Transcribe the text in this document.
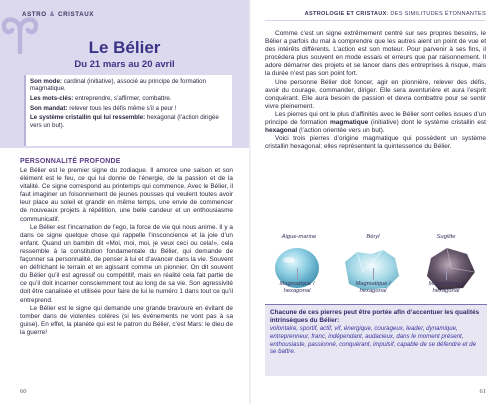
ASTRO & CRISTAUX
Le Bélier
Du 21 mars au 20 avril

Son mode: cardinal (initiative), associé au principe de formation magmatique.

Les mots-clés: entreprendre, s’affirmer, combattre.

Son mandat: relever tous les défis même s’il a peur !

Le système cristallin qui lui ressemble: hexagonal (l’action dirigée vers un but).

PERSONNALITÉ PROFONDE

Le Bélier est le premier signe du zodiaque. Il amorce une saison et son élément est le feu, ce qui lui donne de l’énergie, de la passion et de la vitalité. Ce signe correspond au printemps qui commence. Avec le Bélier, il faut imaginer un foisonnement de jeunes pousses qui veulent toutes avoir leur place au soleil et grandir en même temps, une envie de commencer de nouveaux projets à répétition, une belle candeur et un enthousiasme communicatif.

Le Bélier est l’incarnation de l’ego, la force de vie qui nous anime. Il y a dans ce signe quelque chose qui rappelle l’insconcience et la joie d’un enfant. Quand un bambin dit «Moi, moi, moi, je veux ceci ou cela!», cela ressemble à la constitution fondamentale du Bélier, qui demande de façonner sa personnalité, de penser à lui et d’avancer dans la vie. Souvent en défrichant le terrain et en agissant comme un pionnier. On dit souvent du Bélier qu’il est agressif ou compétitif, mais en réalité cela fait partie de ce qu’il doit incarner consciemment tout au long de sa vie. Son agressivité doit être canalisée et utilisée pour faire de lui le numéro 1 dans tout ce qu’il entreprend.

Le Bélier est le signe qui demande une grande bravoure en évitant de tomber dans de violentes colères (si les événements ne vont pas à sa guise). En effet, la planète qui est le patron du Bélier, c’est Mars: le dieu de la guerre!

60
ASTROLOGIE ET CRISTAUX: DES SIMILITUDES ÉTONNANTES

Comme c’est un signe extrêmement centré sur ses propres besoins, le Bélier a parfois du mal à comprendre que les autres aient un point de vue et des intérêts différents. L’action est son moteur. Pour parvenir à ses fins, il procédera plus souvent en mode essais et erreurs que par raisonnement. Il adore démarrer des projets et se lancer dans des entreprises à risque, mais la durée n’est pas son point fort.

Une personne Bélier doit foncer, agir en pionnière, relever des défis, avoir du courage, commander, diriger. Elle sera aventurière et aura l’esprit conquérant. Elle aura besoin de passion et devra combattre pour se sentir vivre pleinement.

Les pierres qui ont le plus d’affinités avec le Bélier sont celles issues d’un principe de formation magmatique (initiative) dont le système cristallin est hexagonal (l’action orientée vers un but).

Voici trois pierres d’origine magmatique qui possèdent un système cristallin hexagonal; elles représentent la quintessence du Bélier.

Aigue-marine	Béryl	Sugilite
Magmatique /
hexagonal
Magmatique /
hexagonal
Magmatique /
hexagonal
Chacune de ces pierres peut être portée afin d’accentuer les qualités intrinsèques du Bélier:
volontaire, sportif, actif, vif, énergique, courageux, leader, dynamique, entreprenneur, franc, indépendant, audacieux, dans le moment présent, enthousiaste, passionné, conquérant, impulsif, capable de se défendre et de se battre.
61
